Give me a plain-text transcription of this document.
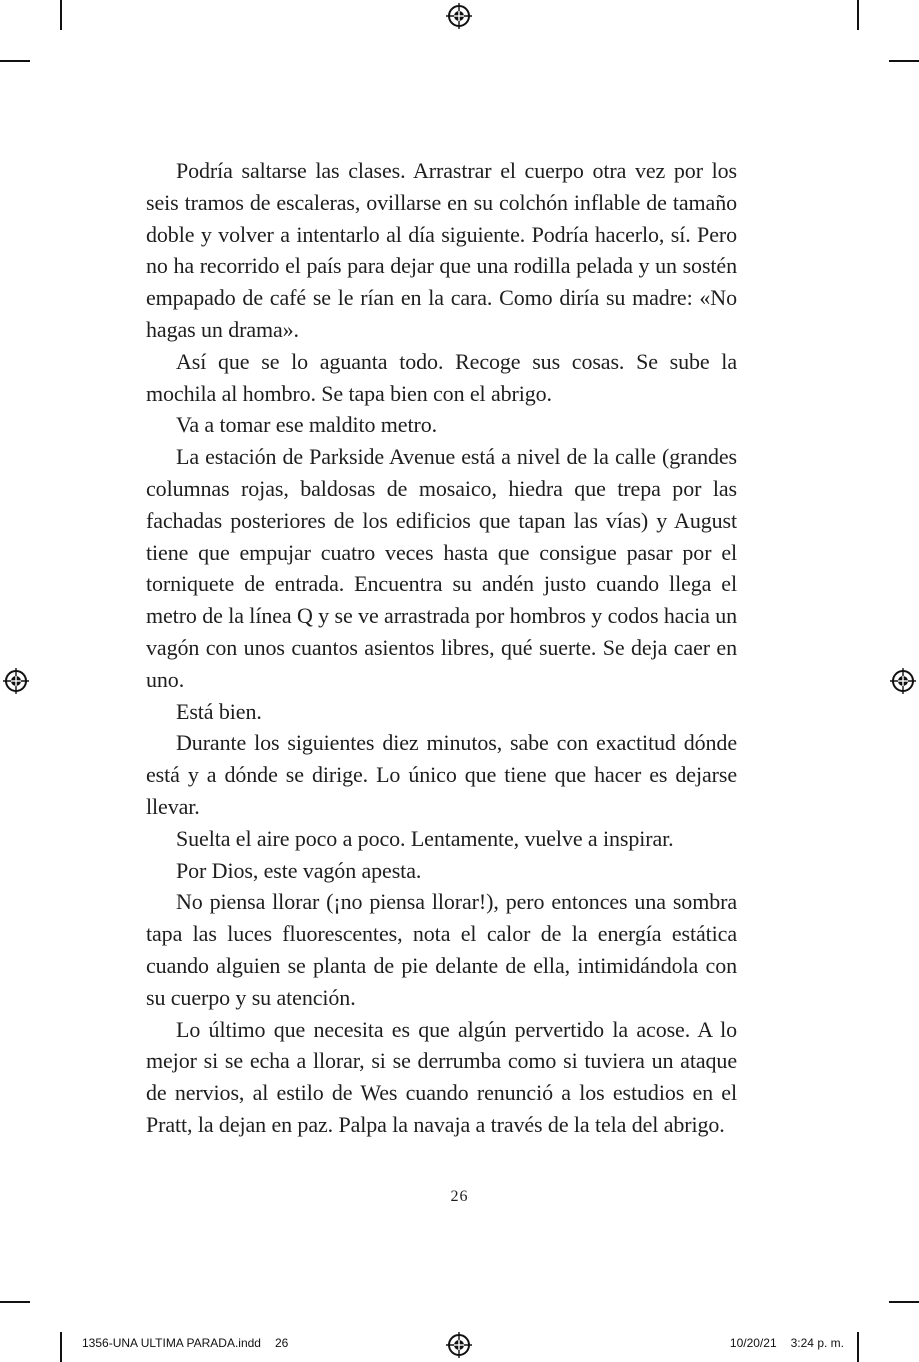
Podría saltarse las clases. Arrastrar el cuerpo otra vez por los seis tramos de escaleras, ovillarse en su colchón inflable de tamaño doble y volver a intentarlo al día siguiente. Podría hacerlo, sí. Pero no ha recorrido el país para dejar que una rodilla pelada y un sostén empapado de café se le rían en la cara. Como diría su madre: «No hagas un drama».

Así que se lo aguanta todo. Recoge sus cosas. Se sube la mochila al hombro. Se tapa bien con el abrigo.

Va a tomar ese maldito metro.

La estación de Parkside Avenue está a nivel de la calle (grandes columnas rojas, baldosas de mosaico, hiedra que trepa por las fachadas posteriores de los edificios que tapan las vías) y August tiene que empujar cuatro veces hasta que consigue pasar por el torniquete de entrada. Encuentra su andén justo cuando llega el metro de la línea Q y se ve arrastrada por hombros y codos hacia un vagón con unos cuantos asientos libres, qué suerte. Se deja caer en uno.

Está bien.

Durante los siguientes diez minutos, sabe con exactitud dónde está y a dónde se dirige. Lo único que tiene que hacer es dejarse llevar.

Suelta el aire poco a poco. Lentamente, vuelve a inspirar.

Por Dios, este vagón apesta.

No piensa llorar (¡no piensa llorar!), pero entonces una sombra tapa las luces fluorescentes, nota el calor de la energía estática cuando alguien se planta de pie delante de ella, intimidándola con su cuerpo y su atención.

Lo último que necesita es que algún pervertido la acose. A lo mejor si se echa a llorar, si se derrumba como si tuviera un ataque de nervios, al estilo de Wes cuando renunció a los estudios en el Pratt, la dejan en paz. Palpa la navaja a través de la tela del abrigo.

26
1356-UNA ULTIMA PARADA.indd 26	10/20/21 3:24 p. m.
